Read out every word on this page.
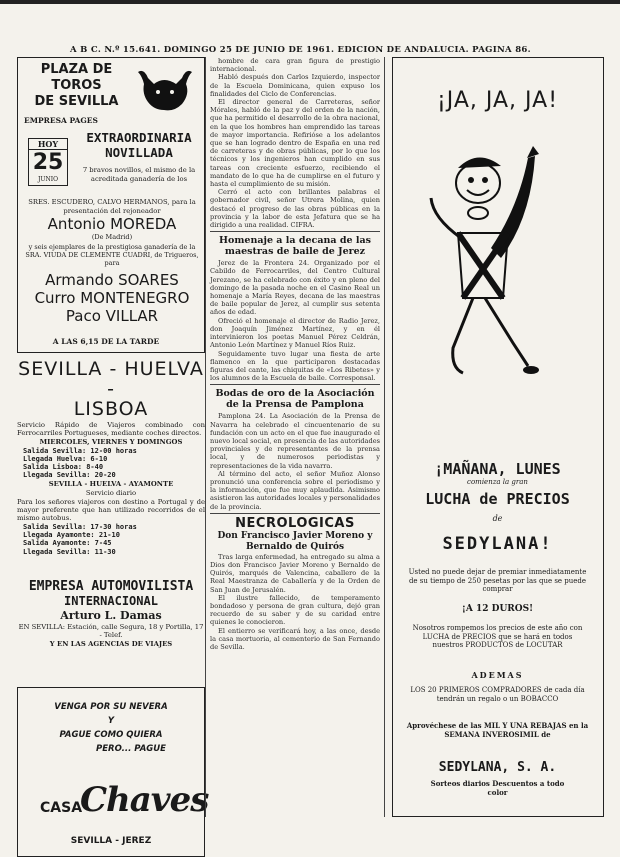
A B C. N.º 15.641. DOMINGO 25 DE JUNIO DE 1961. EDICION DE ANDALUCIA. PAGINA 86.
PLAZA DE TOROS
DE SEVILLA
EMPRESA PAGES
HOY
25
JUNIO
EXTRAORDINARIA
NOVILLADA
7 bravos novillos, el mismo de la acreditada ganadería de los
SRES. ESCUDERO, CALVO HERMANOS, para la presentación del rejoneador
Antonio MOREDA
(De Madrid)
y seis ejemplares de la prestigiosa ganadería de la SRA. VIUDA DE CLEMENTE CUADRI, de Trigueros, para
Armando SOARES
Curro MONTENEGRO
Paco VILLAR
A LAS 6,15 DE LA TARDE
SEVILLA - HUELVA -
LISBOA
Servicio Rápido de Viajeros combinado con Ferrocarriles Portugueses, mediante coches directos.
MIERCOLES, VIERNES Y DOMINGOS
Salida Sevilla: 12-00 horas
Llegada Huelva: 6-10
Salida Lisboa: 8-40
Llegada Sevilla: 20-20
SEVILLA - HUELVA - AYAMONTE
Servicio diario
Para los señores viajeros con destino a Portugal y de mayor preferente que han utilizado recorridos de el mismo autobus.
Salida Sevilla: 17-30 horas
Llegada Ayamonte: 21-10
Salida Ayamonte: 7-45
Llegada Sevilla: 11-30
EMPRESA AUTOMOVILISTA
INTERNACIONAL
Arturo L. Damas
EN SEVILLA: Estación, calle Segura, 18 y Portilla, 17 - Telef.
Y EN LAS AGENCIAS DE VIAJES
VENGA POR SU NEVERA
Y
PAGUE COMO QUIERA
PERO... PAGUE
CASA
Chaves
SEVILLA - JEREZ

hombre de cara gran figura de prestigio internacional.

Habló después don Carlos Izquierdo, inspector de la Escuela Dominicana, quien expuso los finalidades del Ciclo de Conferencias.

El director general de Carreteras, señor Mórales, habló de la paz y del orden de la nación, que ha permitido el desarrollo de la obra nacional, en la que los hombres han emprendido las tareas de mayor importancia. Refirióse a los adelantos que se han logrado dentro de España en una red de carreteras y de obras públicas, por lo que los técnicos y los ingenieros han cumplido en sus tareas con creciente esfuerzo, recibiendo el mandato de lo que ha de cumplirse en el futuro y hasta el cumplimiento de su misión.

Cerró el acto con brillantes palabras el gobernador civil, señor Utrera Molina, quien destacó el progreso de las obras públicas en la provincia y la labor de esta Jefatura que se ha dirigido a una realidad. CIFRA.

Homenaje a la decana de las maestras de baile de Jerez

Jerez de la Frontera 24. Organizado por el Cabildo de Ferrocarriles, del Centro Cultural Jerezano, se ha celebrado con éxito y en pleno del domingo de la pasada noche en el Casino Real un homenaje a María Reyes, decana de las maestras de baile popular de Jerez, al cumplir sus setenta años de edad.

Ofreció el homenaje el director de Radio Jerez, don Joaquín Jiménez Martínez, y en él intervinieron los poetas Manuel Pérez Celdrán, Antonio León Martínez y Manuel Ríos Ruiz.

Seguidamente tuvo lugar una fiesta de arte flamenco en la que participaron destacadas figuras del cante, las chiquitas de «Los Ribetes» y los alumnos de la Escuela de baile. Corresponsal.

Bodas de oro de la Asociación de la Prensa de Pamplona

Pamplona 24. La Asociación de la Prensa de Navarra ha celebrado el cincuentenario de su fundación con un acto en el que fue inaugurado el nuevo local social, en presencia de las autoridades provinciales y de representantes de la prensa local, y de numerosos periodistas y representaciones de la vida navarra.

Al término del acto, el señor Muñoz Alonso pronunció una conferencia sobre el periodismo y la información, que fue muy aplaudida. Asimismo asistieron las autoridades locales y personalidades de la provincia.

NECROLOGICAS
Don Francisco Javier Moreno y Bernaldo de Quirós

Tras larga enfermedad, ha entregado su alma a Dios don Francisco Javier Moreno y Bernaldo de Quirós, marqués de Valencina, caballero de la Real Maestranza de Caballería y de la Orden de San Juan de Jerusalén.

El ilustre fallecido, de temperamento bondadoso y persona de gran cultura, dejó gran recuerdo de su saber y de su caridad entre quienes le conocieron.

El entierro se verificará hoy, a las once, desde la casa mortuoria, al cementerio de San Fernando de Sevilla.

¡JA, JA, JA!
¡MAÑANA, LUNES
comienza la gran
LUCHA de PRECIOS
de
SEDYLANA!
Usted no puede dejar de premiar inmediatamente de su tiempo de 250 pesetas por las que se puede comprar
¡A 12 DUROS!
Nosotros rompemos los precios de este año con LUCHA de PRECIOS que se hará en todos nuestros PRODUCTOS de LOCUTAR
ADEMAS
LOS 20 PRIMEROS COMPRADORES de cada día tendrán un regalo o un BOBACCO
Aprovéchese de las MIL Y UNA REBAJAS en la SEMANA INVEROSIMIL de
SEDYLANA, S. A.
Sorteos diarios Descuentos a todo color
